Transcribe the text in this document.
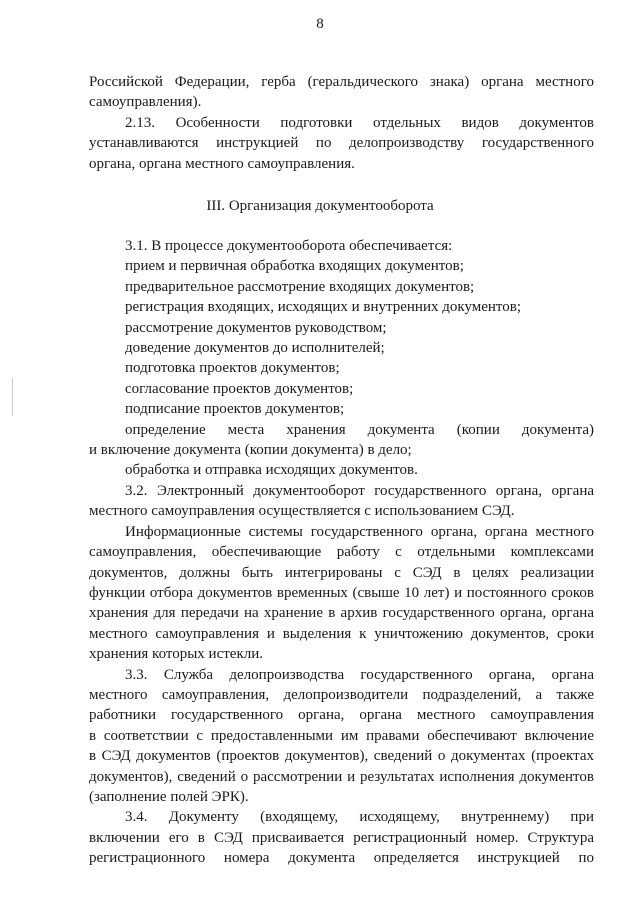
8

Российской Федерации, герба (геральдического знака) органа местного

самоуправления).

2.13. Особенности подготовки отдельных видов документов

устанавливаются инструкцией по делопроизводству государственного

органа, органа местного самоуправления.

III. Организация документооборота

3.1. В процессе документооборота обеспечивается:

прием и первичная обработка входящих документов;

предварительное рассмотрение входящих документов;

регистрация входящих, исходящих и внутренних документов;

рассмотрение документов руководством;

доведение документов до исполнителей;

подготовка проектов документов;

согласование проектов документов;

подписание проектов документов;

определение места хранения документа (копии документа)

и включение документа (копии документа) в дело;

обработка и отправка исходящих документов.

3.2. Электронный документооборот государственного органа, органа

местного самоуправления осуществляется с использованием СЭД.

Информационные системы государственного органа, органа местного

самоуправления, обеспечивающие работу с отдельными комплексами

документов, должны быть интегрированы с СЭД в целях реализации

функции отбора документов временных (свыше 10 лет) и постоянного сроков

хранения для передачи на хранение в архив государственного органа, органа

местного самоуправления и выделения к уничтожению документов, сроки

хранения которых истекли.

3.3. Служба делопроизводства государственного органа, органа

местного самоуправления, делопроизводители подразделений, а также

работники государственного органа, органа местного самоуправления

в соответствии с предоставленными им правами обеспечивают включение

в СЭД документов (проектов документов), сведений о документах (проектах

документов), сведений о рассмотрении и результатах исполнения документов

(заполнение полей ЭРК).

3.4. Документу (входящему, исходящему, внутреннему) при

включении его в СЭД присваивается регистрационный номер. Структура

регистрационного номера документа определяется инструкцией по
